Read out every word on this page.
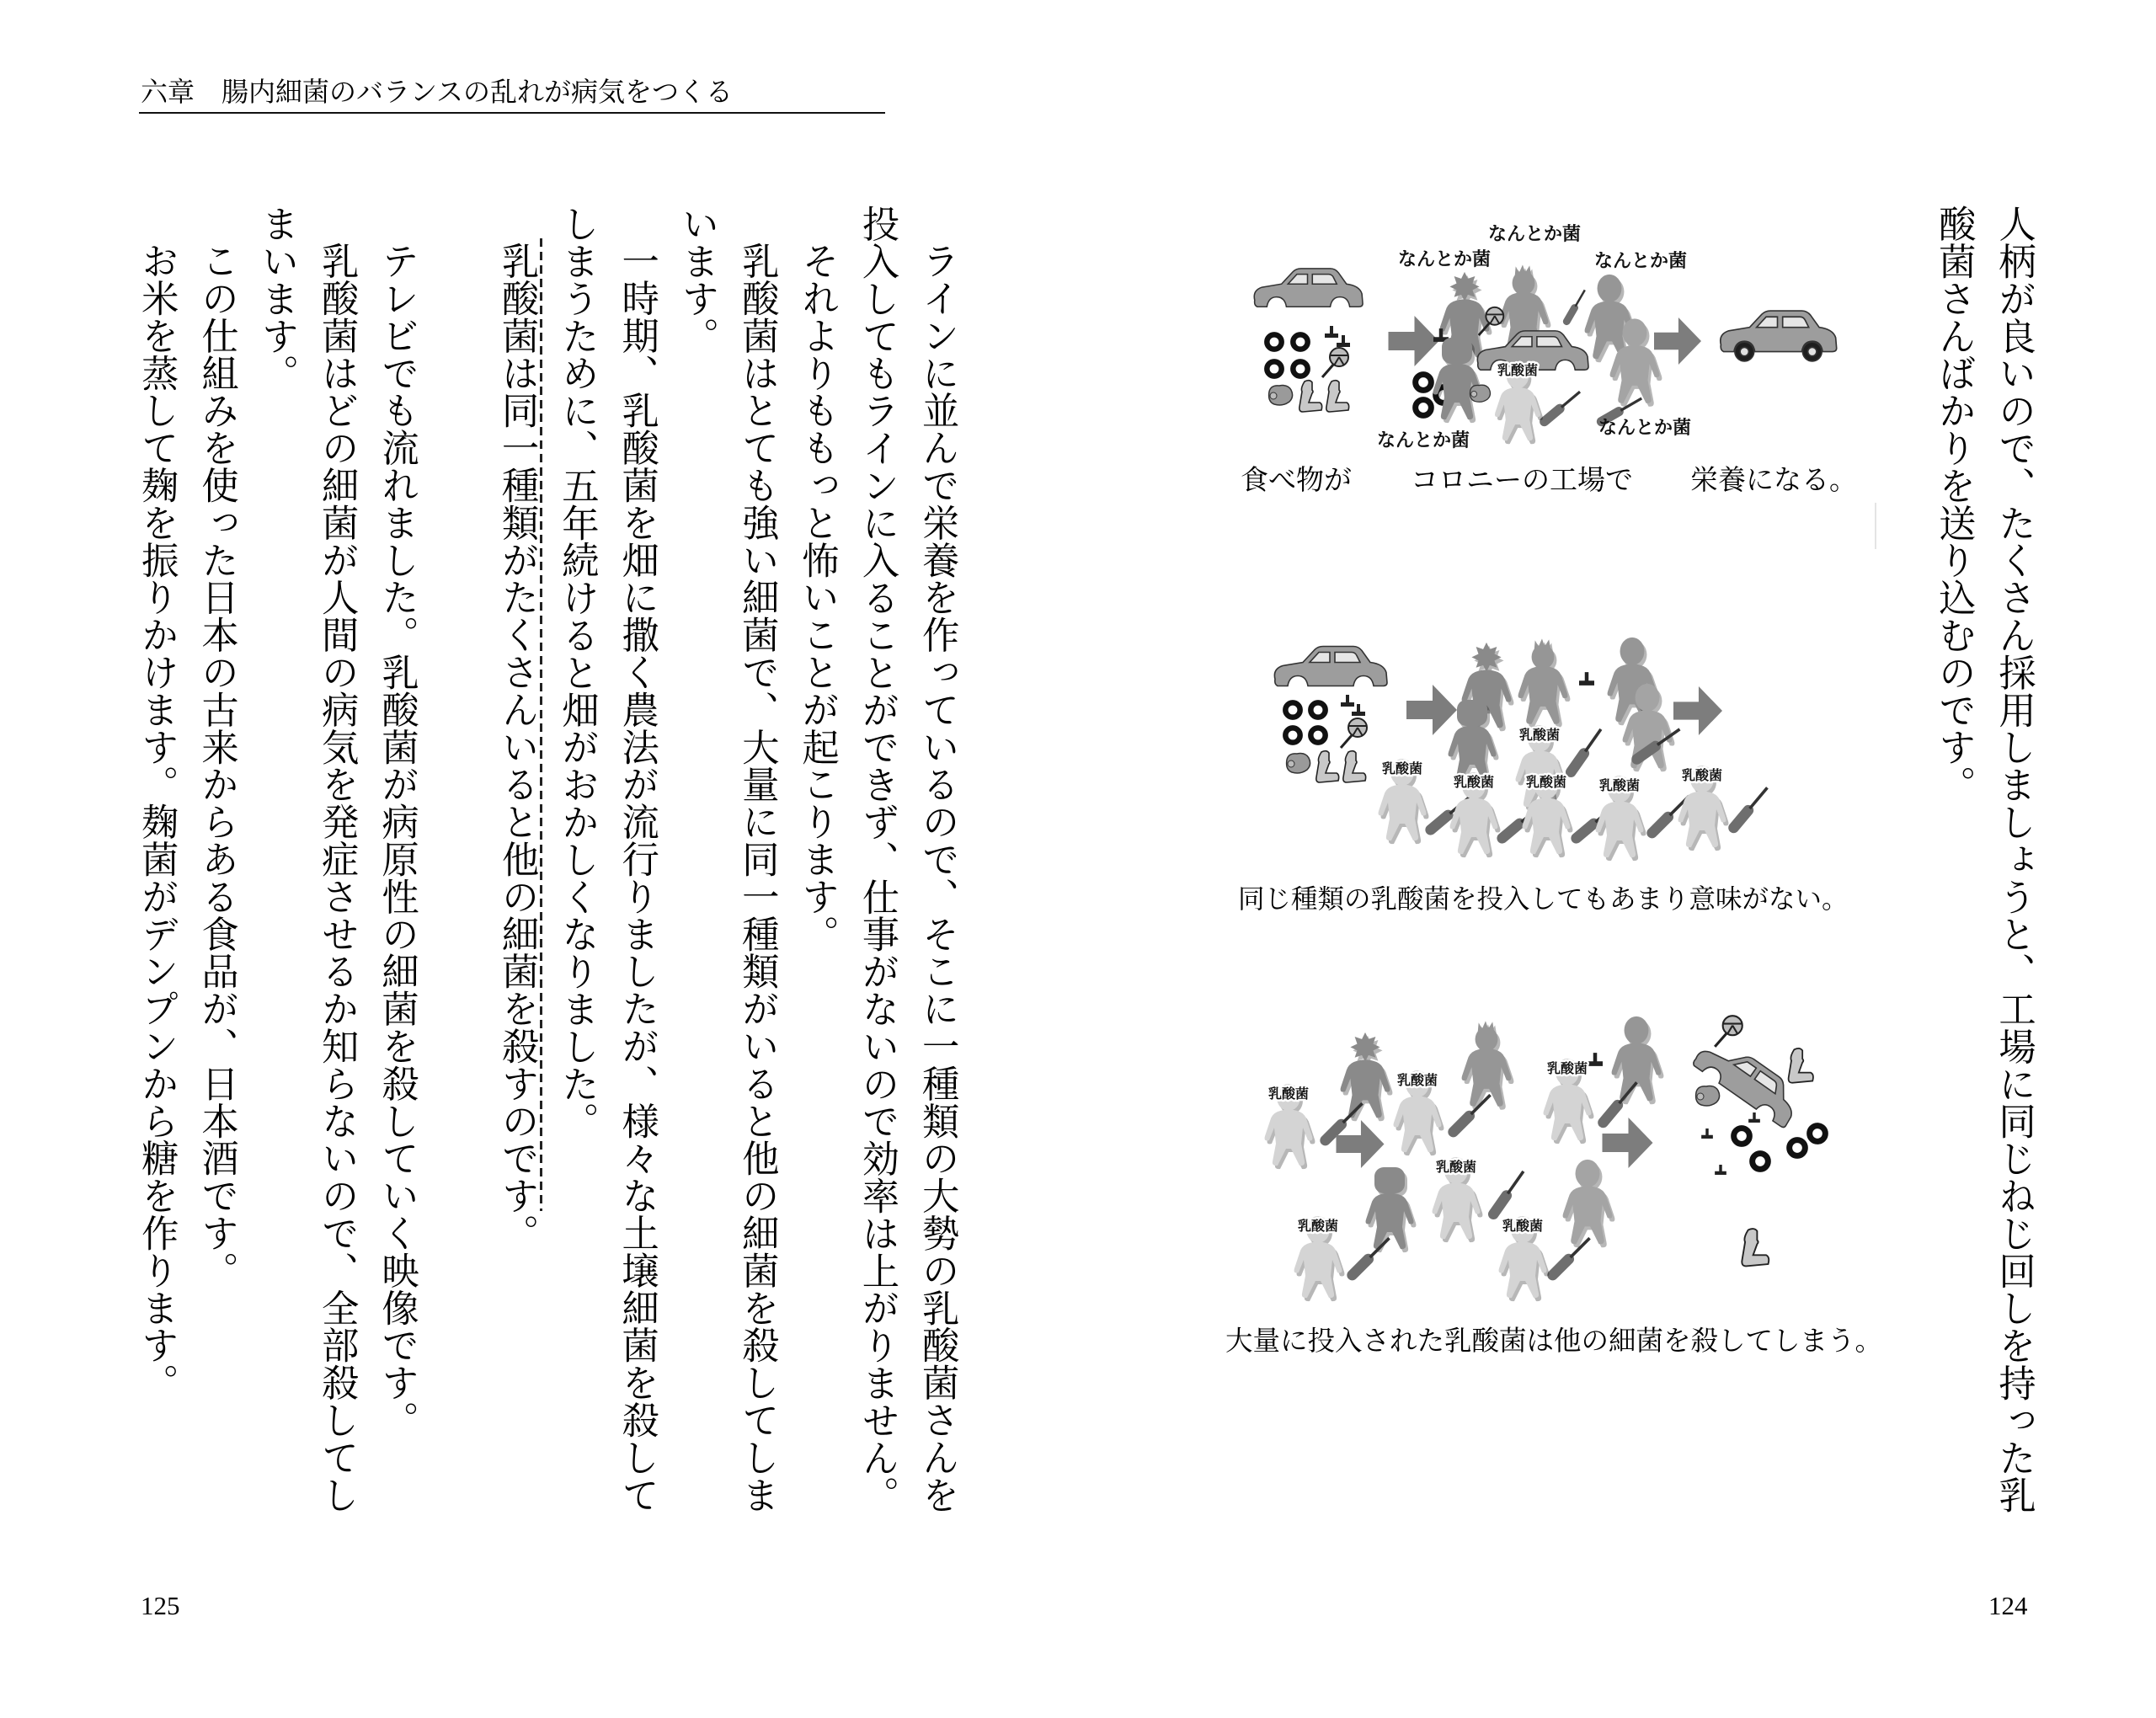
六章　腸内細菌のバランスの乱れが病気をつくる
ラインに並んで栄養を作っているので、そこに一種類の大勢の乳酸菌さんを
投入してもラインに入ることができず、仕事がないので効率は上がりません。
それよりももっと怖いことが起こります。
乳酸菌はとても強い細菌で、大量に同一種類がいると他の細菌を殺してしま
います。
一時期、乳酸菌を畑に撒く農法が流行りましたが、様々な土壌細菌を殺して
しまうために、五年続けると畑がおかしくなりました。
乳酸菌は同一種類がたくさんいると他の細菌を殺すのです。
テレビでも流れました。乳酸菌が病原性の細菌を殺していく映像です。
乳酸菌はどの細菌が人間の病気を発症させるか知らないので、全部殺してし
まいます。
この仕組みを使った日本の古来からある食品が、日本酒です。
お米を蒸して麹を振りかけます。麹菌がデンプンから糖を作ります。
125
人柄が良いので、たくさん採用しましょうと、工場に同じねじ回しを持った乳
酸菌さんばかりを送り込むのです。
124
なんとか菌
なんとか菌	なんとか菌
なんとか菌
なんとか菌
乳酸菌
食べ物が コロニーの工場で 栄養になる。
乳酸菌
乳酸菌 乳酸菌 乳酸菌
乳酸菌
乳酸菌
同じ種類の乳酸菌を投入してもあまり意味がない。
乳酸菌
乳酸菌
乳酸菌
乳酸菌
乳酸菌	乳酸菌
大量に投入された乳酸菌は他の細菌を殺してしまう。
